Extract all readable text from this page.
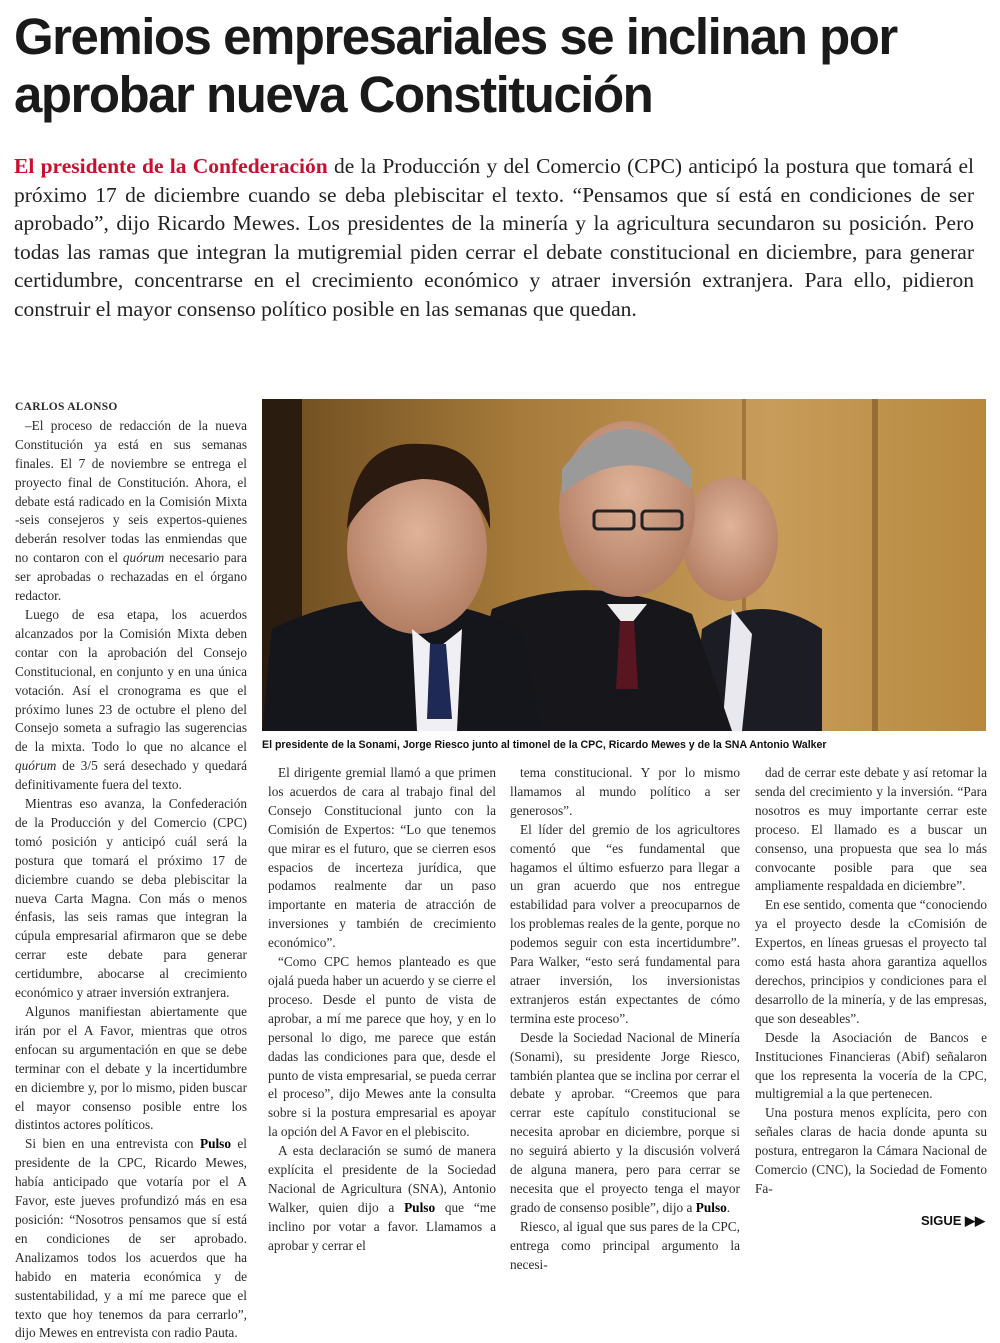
Gremios empresariales se inclinan por aprobar nueva Constitución

El presidente de la Confederación de la Producción y del Comercio (CPC) anticipó la postura que tomará el próximo 17 de diciembre cuando se deba plebiscitar el texto. “Pensamos que sí está en condiciones de ser aprobado”, dijo Ricardo Mewes. Los presidentes de la minería y la agricultura secundaron su posición. Pero todas las ramas que integran la mutigremial piden cerrar el debate constitucional en diciembre, para generar certidumbre, concentrarse en el crecimiento económico y atraer inversión extranjera. Para ello, pidieron construir el mayor consenso político posible en las semanas que quedan.

CARLOS ALONSO

–El proceso de redacción de la nueva Constitución ya está en sus semanas finales. El 7 de noviembre se entrega el proyecto final de Constitución. Ahora, el debate está radicado en la Comisión Mixta -seis consejeros y seis expertos-quienes deberán resolver todas las enmiendas que no contaron con el quórum necesario para ser aprobadas o rechazadas en el órgano redactor.

Luego de esa etapa, los acuerdos alcanzados por la Comisión Mixta deben contar con la aprobación del Consejo Constitucional, en conjunto y en una única votación. Así el cronograma es que el próximo lunes 23 de octubre el pleno del Consejo someta a sufragio las sugerencias de la mixta. Todo lo que no alcance el quórum de 3/5 será desechado y quedará definitivamente fuera del texto.

Mientras eso avanza, la Confederación de la Producción y del Comercio (CPC) tomó posición y anticipó cuál será la postura que tomará el próximo 17 de diciembre cuando se deba plebiscitar la nueva Carta Magna. Con más o menos énfasis, las seis ramas que integran la cúpula empresarial afirmaron que se debe cerrar este debate para generar certidumbre, abocarse al crecimiento económico y atraer inversión extranjera.

Algunos manifiestan abiertamente que irán por el A Favor, mientras que otros enfocan su argumentación en que se debe terminar con el debate y la incertidumbre en diciembre y, por lo mismo, piden buscar el mayor consenso posible entre los distintos actores políticos.

Si bien en una entrevista con Pulso el presidente de la CPC, Ricardo Mewes, había anticipado que votaría por el A Favor, este jueves profundizó más en esa posición: “Nosotros pensamos que sí está en condiciones de ser aprobado. Analizamos todos los acuerdos que ha habido en materia económica y de sustentabilidad, y a mí me parece que el texto que hoy tenemos da para cerrarlo”, dijo Mewes en entrevista con radio Pauta.

El presidente de la Sonami, Jorge Riesco junto al timonel de la CPC, Ricardo Mewes y de la SNA Antonio Walker

El dirigente gremial llamó a que primen los acuerdos de cara al trabajo final del Consejo Constitucional junto con la Comisión de Expertos: “Lo que tenemos que mirar es el futuro, que se cierren esos espacios de incerteza jurídica, que podamos realmente dar un paso importante en materia de atracción de inversiones y también de crecimiento económico”.

“Como CPC hemos planteado es que ojalá pueda haber un acuerdo y se cierre el proceso. Desde el punto de vista de aprobar, a mí me parece que hoy, y en lo personal lo digo, me parece que están dadas las condiciones para que, desde el punto de vista empresarial, se pueda cerrar el proceso”, dijo Mewes ante la consulta sobre si la postura empresarial es apoyar la opción del A Favor en el plebiscito.

A esta declaración se sumó de manera explícita el presidente de la Sociedad Nacional de Agricultura (SNA), Antonio Walker, quien dijo a Pulso que “me inclino por votar a favor. Llamamos a aprobar y cerrar el

tema constitucional. Y por lo mismo llamamos al mundo político a ser generosos”.

El líder del gremio de los agricultores comentó que “es fundamental que hagamos el último esfuerzo para llegar a un gran acuerdo que nos entregue estabilidad para volver a preocuparnos de los problemas reales de la gente, porque no podemos seguir con esta incertidumbre”. Para Walker, “esto será fundamental para atraer inversión, los inversionistas extranjeros están expectantes de cómo termina este proceso”.

Desde la Sociedad Nacional de Minería (Sonami), su presidente Jorge Riesco, también plantea que se inclina por cerrar el debate y aprobar. “Creemos que para cerrar este capítulo constitucional se necesita aprobar en diciembre, porque si no seguirá abierto y la discusión volverá de alguna manera, pero para cerrar se necesita que el proyecto tenga el mayor grado de consenso posible”, dijo a Pulso.

Riesco, al igual que sus pares de la CPC, entrega como principal argumento la necesi-

dad de cerrar este debate y así retomar la senda del crecimiento y la inversión. “Para nosotros es muy importante cerrar este proceso. El llamado es a buscar un consenso, una propuesta que sea lo más convocante posible para que sea ampliamente respaldada en diciembre”.

En ese sentido, comenta que “conociendo ya el proyecto desde la cComisión de Expertos, en líneas gruesas el proyecto tal como está hasta ahora garantiza aquellos derechos, principios y condiciones para el desarrollo de la minería, y de las empresas, que son deseables”.

Desde la Asociación de Bancos e Instituciones Financieras (Abif) señalaron que los representa la vocería de la CPC, multigremial a la que pertenecen.

Una postura menos explícita, pero con señales claras de hacia donde apunta su postura, entregaron la Cámara Nacional de Comercio (CNC), la Sociedad de Fomento Fa-

SIGUE ▶▶
